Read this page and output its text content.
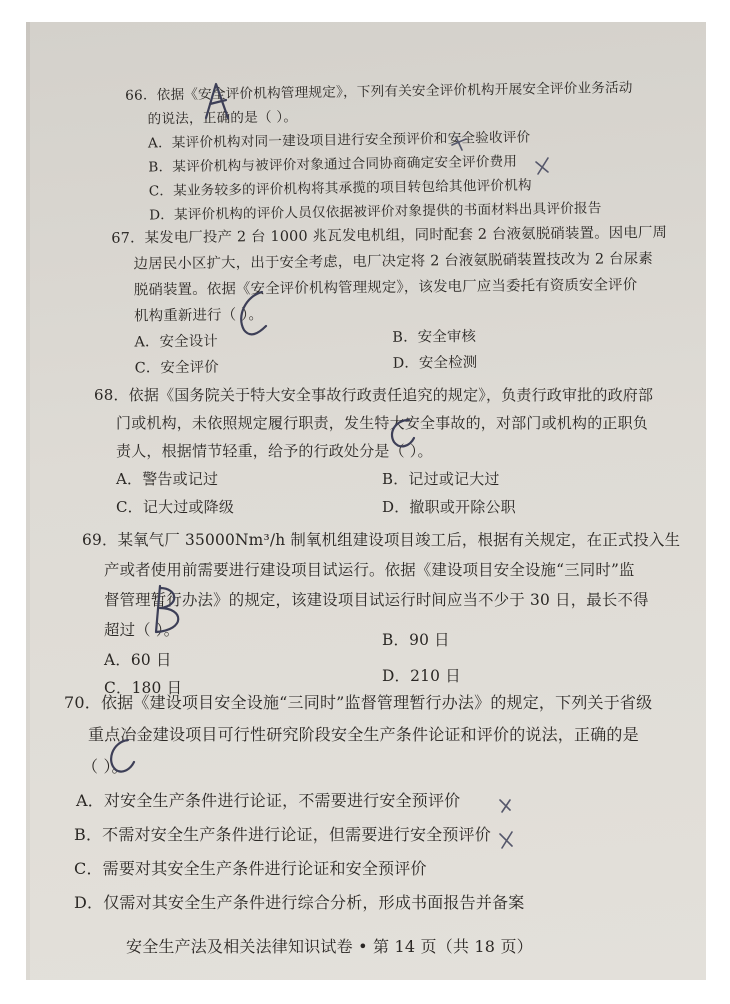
66．依据《安全评价机构管理规定》，下列有关安全评价机构开展安全评价业务活动
的说法，正确的是（ ）。
A．某评价机构对同一建设项目进行安全预评价和安全验收评价
B．某评价机构与被评价对象通过合同协商确定安全评价费用
C．某业务较多的评价机构将其承揽的项目转包给其他评价机构
D．某评价机构的评价人员仅依据被评价对象提供的书面材料出具评价报告
67．某发电厂投产 2 台 1000 兆瓦发电机组，同时配套 2 台液氨脱硝装置。因电厂周
边居民小区扩大，出于安全考虑，电厂决定将 2 台液氨脱硝装置技改为 2 台尿素
脱硝装置。依据《安全评价机构管理规定》，该发电厂应当委托有资质安全评价
机构重新进行（ ）。
A．安全设计	B．安全审核
C．安全评价	D．安全检测
68．依据《国务院关于特大安全事故行政责任追究的规定》，负责行政审批的政府部
门或机构，未依照规定履行职责，发生特大安全事故的，对部门或机构的正职负
责人，根据情节轻重，给予的行政处分是（ ）。
A．警告或记过	B．记过或记大过
C．记大过或降级	D．撤职或开除公职
69．某氧气厂 35000Nm³/h 制氧机组建设项目竣工后，根据有关规定，在正式投入生
产或者使用前需要进行建设项目试运行。依据《建设项目安全设施“三同时”监
督管理暂行办法》的规定，该建设项目试运行时间应当不少于 30 日，最长不得
超过（ ）。
A．60 日
B．90 日
C．180 日
D．210 日
70．依据《建设项目安全设施“三同时”监督管理暂行办法》的规定，下列关于省级
重点冶金建设项目可行性研究阶段安全生产条件论证和评价的说法，正确的是
（ ）。
A．对安全生产条件进行论证，不需要进行安全预评价
B．不需对安全生产条件进行论证，但需要进行安全预评价
C．需要对其安全生产条件进行论证和安全预评价
D．仅需对其安全生产条件进行综合分析，形成书面报告并备案
安全生产法及相关法律知识试卷 • 第 14 页（共 18 页）
